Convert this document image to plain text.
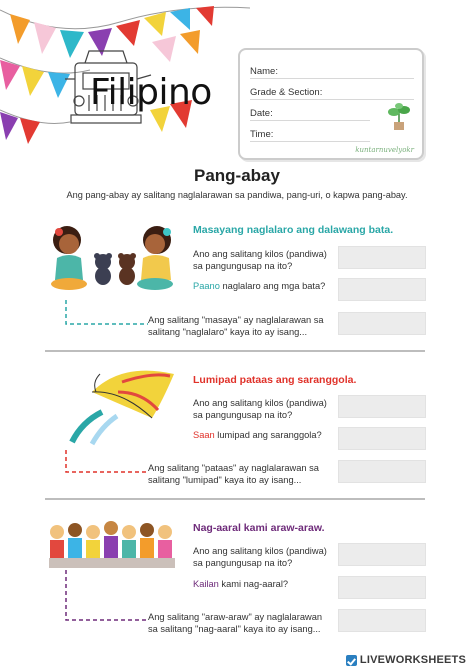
Filipino
Name:
Grade & Section:
Date:
Time:
kuntarnuvelyokr
Pang-abay
Ang pang-abay ay salitang naglalarawan sa pandiwa, pang-uri, o kapwa pang-abay.
Masayang naglalaro ang dalawang bata.
Ano ang salitang kilos (pandiwa) sa pangungusap na ito?
Paano naglalaro ang mga bata?
Ang salitang "masaya" ay naglalarawan sa salitang "naglalaro" kaya ito ay isang...
Lumipad pataas ang saranggola.
Ano ang salitang kilos (pandiwa) sa pangungusap na ito?
Saan lumipad ang saranggola?
Ang salitang "pataas" ay naglalarawan sa salitang "lumipad" kaya ito ay isang...
Nag-aaral kami araw-araw.
Ano ang salitang kilos (pandiwa) sa pangungusap na ito?
Kailan kami nag-aaral?
Ang salitang "araw-araw" ay naglalarawan sa salitang "nag-aaral" kaya ito ay isang...
LIVEWORKSHEETS
